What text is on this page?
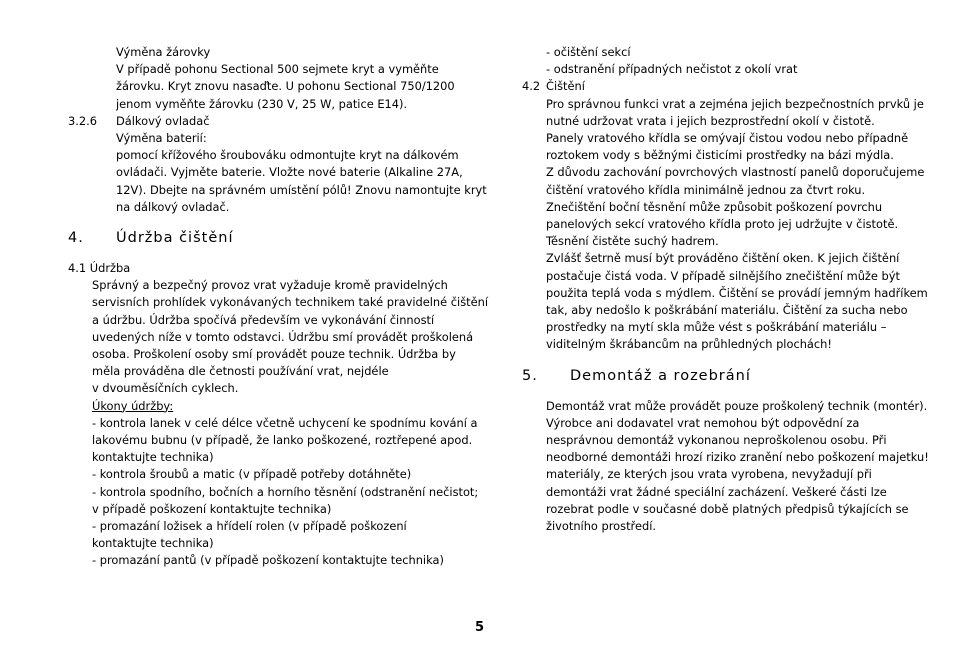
Výměna žárovky
V případě pohonu Sectional 500 sejmete kryt a vyměňte
žárovku. Kryt znovu nasaďte. U pohonu Sectional 750/1200
jenom vyměňte žárovku (230 V, 25 W, patice E14).
3.2.6 Dálkový ovladač
Výměna baterií:
pomocí křížového šroubováku odmontujte kryt na dálkovém
ovládači. Vyjměte baterie. Vložte nové baterie (Alkaline 27A,
12V). Dbejte na správném umístění pólů! Znovu namontujte kryt
na dálkový ovladač.
4. Údržba čištění
4.1 Údržba
Správný a bezpečný provoz vrat vyžaduje kromě pravidelných
servisních prohlídek vykonávaných technikem také pravidelné čištění
a údržbu. Údržba spočívá především ve vykonávání činností
uvedených níže v tomto odstavci. Údržbu smí provádět proškolená
osoba. Proškolení osoby smí provádět pouze technik. Údržba by
měla prováděna dle četnosti používání vrat, nejdéle
v dvouměsíčních cyklech.
Úkony údržby:
- kontrola lanek v celé délce včetně uchycení ke spodnímu kování a
lakovému bubnu (v případě, že lanko poškozené, roztřepené apod.
kontaktujte technika)
- kontrola šroubů a matic (v případě potřeby dotáhněte)
- kontrola spodního, bočních a horního těsnění (odstranění nečistot;
v případě poškození kontaktujte technika)
- promazání ložisek a hřídelí rolen (v případě poškození
kontaktujte technika)
- promazání pantů (v případě poškození kontaktujte technika)
- očištění sekcí
- odstranění případných nečistot z okolí vrat
4.2 Čištění
Pro správnou funkci vrat a zejména jejich bezpečnostních prvků je
nutné udržovat vrata i jejich bezprostřední okolí v čistotě.
Panely vratového křídla se omývají čistou vodou nebo případně
roztokem vody s běžnými čisticími prostředky na bázi mýdla.
Z důvodu zachování povrchových vlastností panelů doporučujeme
čištění vratového křídla minimálně jednou za čtvrt roku.
Znečištění boční těsnění může způsobit poškození povrchu
panelových sekcí vratového křídla proto jej udržujte v čistotě.
Těsnění čistěte suchý hadrem.
Zvlášť šetrně musí být prováděno čištění oken. K jejich čištění
postačuje čistá voda. V případě silnějšího znečištění může být
použita teplá voda s mýdlem. Čištění se provádí jemným hadříkem
tak, aby nedošlo k poškrábání materiálu. Čištění za sucha nebo
prostředky na mytí skla může vést s poškrábání materiálu –
viditelným škrábancům na průhledných plochách!
5. Demontáž a rozebrání
Demontáž vrat může provádět pouze proškolený technik (montér).
Výrobce ani dodavatel vrat nemohou být odpovědní za
nesprávnou demontáž vykonanou neproškolenou osobu. Při
neodborné demontáži hrozí riziko zranění nebo poškození majetku!
materiály, ze kterých jsou vrata vyrobena, nevyžadují při
demontáži vrat žádné speciální zacházení. Veškeré části lze
rozebrat podle v současné době platných předpisů týkajících se
životního prostředí.
5
